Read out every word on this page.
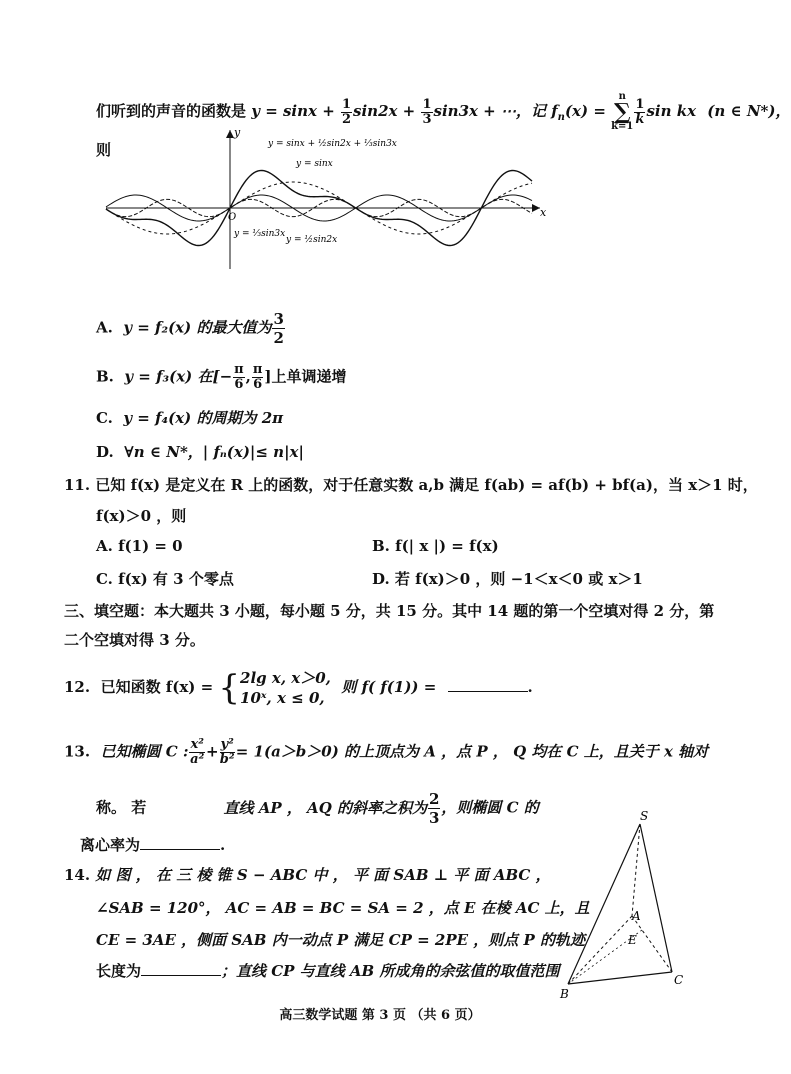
们听到的声音的函数是 $y = \sin x + \frac{1}{2} \sin 2x + \frac{1}{3} \sin 3x$ + ⋯，记 $f_n(x)$ =
n
∑
$k=1 \frac{1}{k}$ sin kx (n ∈ N*)，
则
y
x
O
y = sinx + ½sin2x + ⅓sin3x
y = sinx
y = ⅓sin3x
y = ½sin2x
A. y = f₂(x) 的最大值为 $\frac{3}{2}$
B. y = f₃(x) 在[− $\frac{\pi}{6}$ , $\frac{\pi}{6}$ ]上单调递增
C. y = f₄(x) 的周期为 2π
D. ∀n ∈ N*，| fₙ(x)|≤ n|x|
11. 已知 f(x) 是定义在 R 上的函数，对于任意实数 a,b 满足 f(ab) = af(b) + bf(a)，当 x＞1 时，
f(x)＞0 ，则
A. f(1) = 0	B. f(| x |) = f(x)
C. f(x) 有 3 个零点	D. 若 f(x)＞0 ，则 −1＜x＜0 或 x＞1
三、填空题：本大题共 3 小题，每小题 5 分，共 15 分。其中 14 题的第一个空填对得 2 分，第
二个空填对得 3 分。
12. 已知函数 f(x) = { 2lg x, x＞0,
10ˣ, x ≤ 0,
则 f( f(1)) =	.
13. 已知椭圆 C : $\frac{\text{x²}}{\text{a²}} + \frac{\text{y²}}{\text{b²}} = 1(a>b>0)$ 的上顶点为 A ，点 P ， Q 均在 C 上，且关于 x 轴对
称。 若	直线 AP ， AQ 的斜率之积为 $\frac{2}{3}$ ，则椭圆 C 的
离心率为	.
14. 如 图 ， 在 三 棱 锥 S − ABC 中 ， 平 面 SAB ⊥ 平 面 ABC ，
∠SAB = 120°， AC = AB = BC = SA = 2 ，点 E 在棱 AC 上，且
CE = 3AE ，侧面 SAB 内一动点 P 满足 CP = 2PE ，则点 P 的轨迹
长度为	；直线 CP 与直线 AB 所成角的余弦值的取值范围
S
A
E
B
C
高三数学试题 第 3 页 （共 6 页）
